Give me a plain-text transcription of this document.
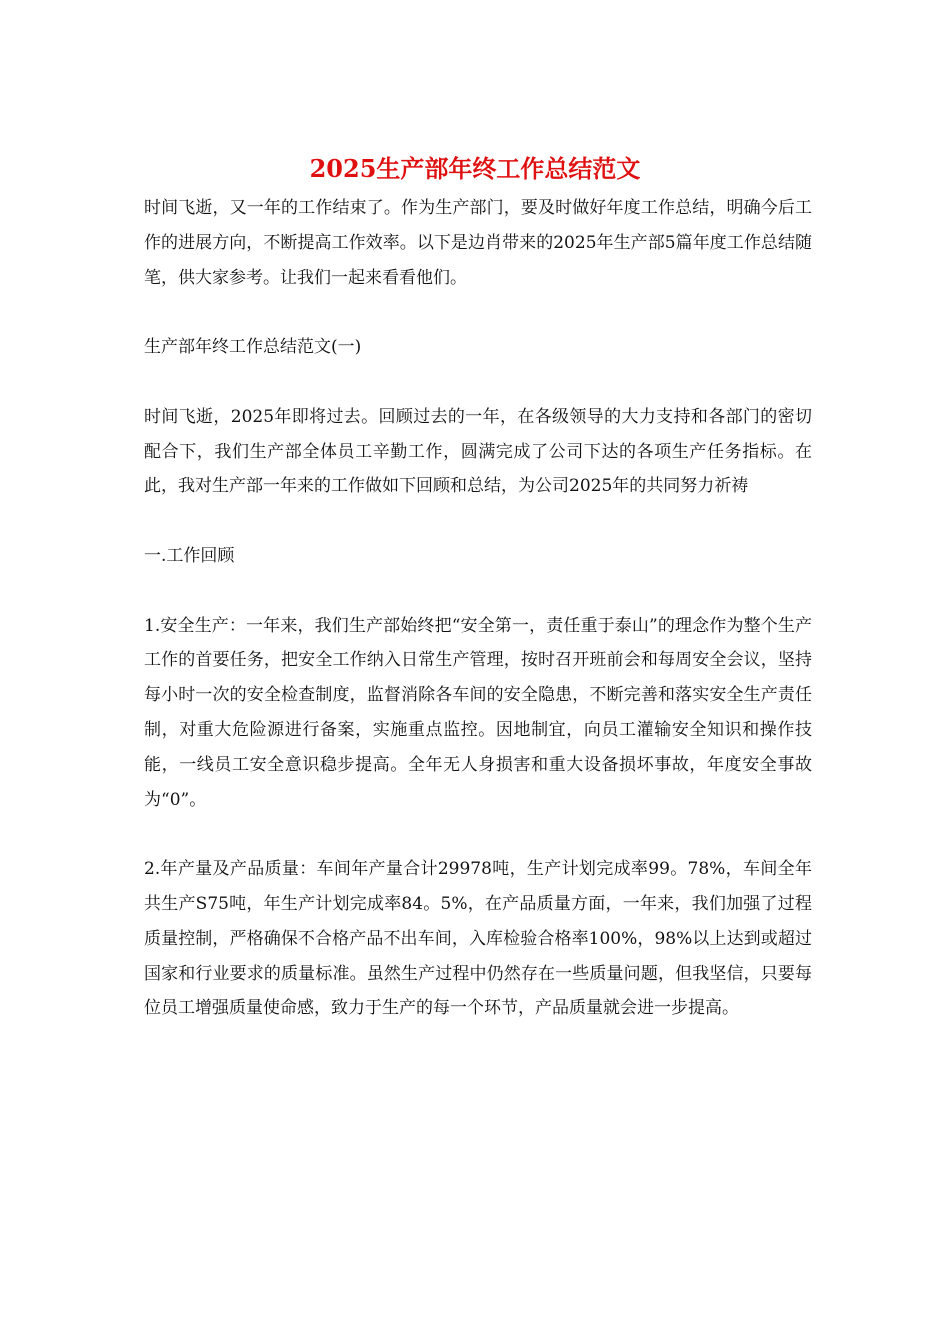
2025生产部年终工作总结范文

时间飞逝，又一年的工作结束了。作为生产部门，要及时做好年度工作总结，明确今后工作的进展方向，不断提高工作效率。以下是边肖带来的2025年生产部5篇年度工作总结随笔，供大家参考。让我们一起来看看他们。

生产部年终工作总结范文(一)

时间飞逝，2025年即将过去。回顾过去的一年，在各级领导的大力支持和各部门的密切配合下，我们生产部全体员工辛勤工作，圆满完成了公司下达的各项生产任务指标。在此，我对生产部一年来的工作做如下回顾和总结，为公司2025年的共同努力祈祷

一.工作回顾

1.安全生产：一年来，我们生产部始终把“安全第一，责任重于泰山”的理念作为整个生产工作的首要任务，把安全工作纳入日常生产管理，按时召开班前会和每周安全会议，坚持每小时一次的安全检查制度，监督消除各车间的安全隐患，不断完善和落实安全生产责任制，对重大危险源进行备案，实施重点监控。因地制宜，向员工灌输安全知识和操作技能，一线员工安全意识稳步提高。全年无人身损害和重大设备损坏事故，年度安全事故为“0”。

2.年产量及产品质量：车间年产量合计29978吨，生产计划完成率99。78%，车间全年共生产S75吨，年生产计划完成率84。5%，在产品质量方面，一年来，我们加强了过程质量控制，严格确保不合格产品不出车间，入库检验合格率100%，98%以上达到或超过国家和行业要求的质量标准。虽然生产过程中仍然存在一些质量问题，但我坚信，只要每位员工增强质量使命感，致力于生产的每一个环节，产品质量就会进一步提高。
